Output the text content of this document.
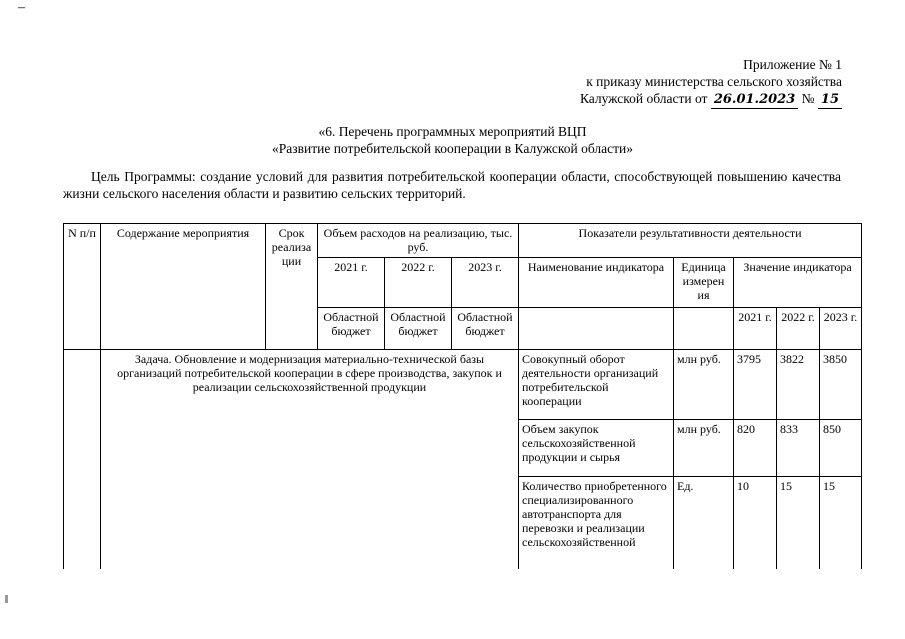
–
Приложение № 1
к приказу министерства сельского хозяйства
Калужской области от 26.01.2023 № 15
«6. Перечень программных мероприятий ВЦП
«Развитие потребительской кооперации в Калужской области»
Цель Программы: создание условий для развития потребительской кооперации области, способствующей повышению качества жизни сельского населения области и развитию сельских территорий.
N п/п	Содержание мероприятия	Срок реализа ции	Объем расходов на реализацию, тыс. руб.			Показатели результативности деятельности				
			2021 г.	2022 г.	2023 г.	Наименование индикатора	Единица измерен ия	Значение индикатора		
			Областной бюджет	Областной бюджет	Областной бюджет			2021 г.	2022 г.	2023 г.
	Задача. Обновление и модернизация материально-технической базы организаций потребительской кооперации в сфере производства, закупок и реализации сельскохозяйственной продукции					Совокупный оборот деятельности организаций потребительской кооперации	млн руб.	3795	3822	3850
						Объем закупок сельскохозяйственной продукции и сырья	млн руб.	820	833	850
						Количество приобретенного специализированного автотранспорта для перевозки и реализации сельскохозяйственной	Ед.	10	15	15
